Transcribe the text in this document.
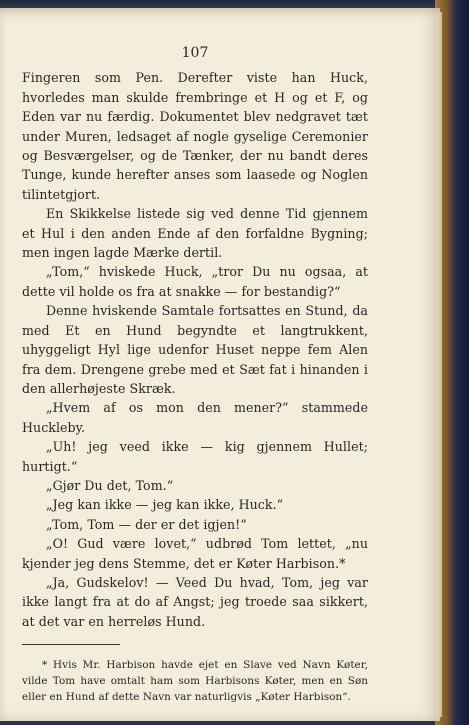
107

Fingeren som Pen. Derefter viste han Huck, hvorledes man skulde frembringe et H og et F, og Eden var nu færdig. Dokumentet blev nedgravet tæt under Muren, ledsaget af nogle gyselige Ceremonier og Besværgelser, og de Tænker, der nu bandt deres Tunge, kunde herefter anses som laasede og Noglen tilintetgjort.

En Skikkelse listede sig ved denne Tid gjennem et Hul i den anden Ende af den forfaldne Bygning; men ingen lagde Mærke dertil.

„Tom,“ hviskede Huck, „tror Du nu ogsaa, at dette vil holde os fra at snakke — for bestandig?“

Denne hviskende Samtale fortsattes en Stund, da med Et en Hund begyndte et langtrukkent, uhyggeligt Hyl lige udenfor Huset neppe fem Alen fra dem. Drengene grebe med et Sæt fat i hinanden i den allerhøjeste Skræk.

„Hvem af os mon den mener?“ stammede Huckleby.

„Uh! jeg veed ikke — kig gjennem Hullet; hurtigt.“

„Gjør Du det, Tom.“

„Jeg kan ikke — jeg kan ikke, Huck.“

„Tom, Tom — der er det igjen!“

„O! Gud være lovet,“ udbrød Tom lettet, „nu kjender jeg dens Stemme, det er Køter Harbison.*

„Ja, Gudskelov! — Veed Du hvad, Tom, jeg var ikke langt fra at do af Angst; jeg troede saa sikkert, at det var en herreløs Hund.

* Hvis Mr. Harbison havde ejet en Slave ved Navn Køter, vilde Tom have omtalt ham som Harbisons Køter, men en Søn eller en Hund af dette Navn var naturligvis „Køter Harbison“.
